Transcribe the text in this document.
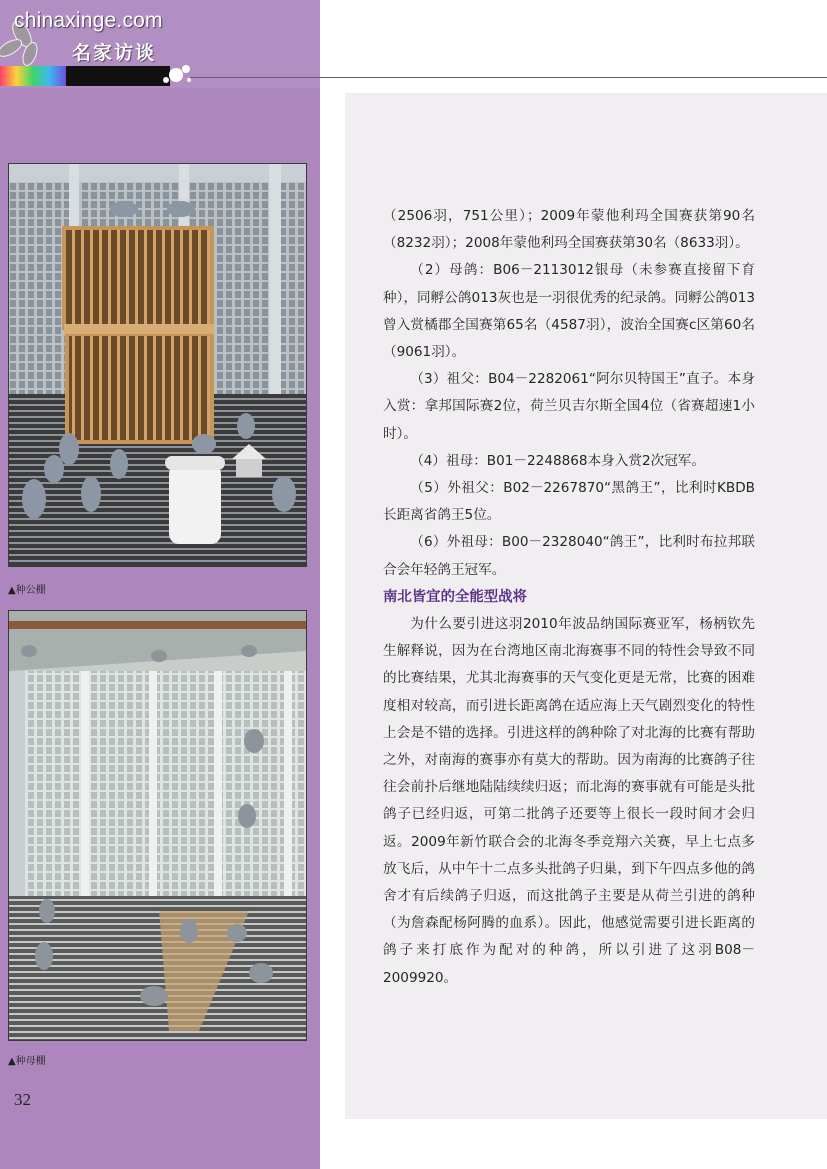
chinaxinge.com
名家访谈
▲种公棚
▲种母棚
32

（2506羽，751公里）；2009年蒙他利玛全国赛获第90名（8232羽）；2008年蒙他利玛全国赛获第30名（8633羽）。

（2）母鸽：B06－2113012银母（未参赛直接留下育种），同孵公鸽013灰也是一羽很优秀的纪录鸽。同孵公鸽013曾入赏橘郡全国赛第65名（4587羽），波治全国赛c区第60名（9061羽）。

（3）祖父：B04－2282061“阿尔贝特国王”直子。本身入赏：拿邦国际赛2位，荷兰贝吉尔斯全国4位（省赛超速1小时）。

（4）祖母：B01－2248868本身入赏2次冠军。

（5）外祖父：B02－2267870“黑鸽王”，比利时KBDB长距离省鸽王5位。

（6）外祖母：B00－2328040“鸽王”，比利时布拉邦联合会年轻鸽王冠军。

南北皆宜的全能型战将

为什么要引进这羽2010年波品纳国际赛亚军，杨柄钦先生解释说，因为在台湾地区南北海赛事不同的特性会导致不同的比赛结果，尤其北海赛事的天气变化更是无常，比赛的困难度相对较高，而引进长距离鸽在适应海上天气剧烈变化的特性上会是不错的选择。引进这样的鸽种除了对北海的比赛有帮助之外，对南海的赛事亦有莫大的帮助。因为南海的比赛鸽子往往会前扑后继地陆陆续续归返；而北海的赛事就有可能是头批鸽子已经归返，可第二批鸽子还要等上很长一段时间才会归返。2009年新竹联合会的北海冬季竞翔六关赛，早上七点多放飞后，从中午十二点多头批鸽子归巢，到下午四点多他的鸽舍才有后续鸽子归返，而这批鸽子主要是从荷兰引进的鸽种（为詹森配杨阿腾的血系）。因此，他感觉需要引进长距离的鸽子来打底作为配对的种鸽，所以引进了这羽B08－2009920。
